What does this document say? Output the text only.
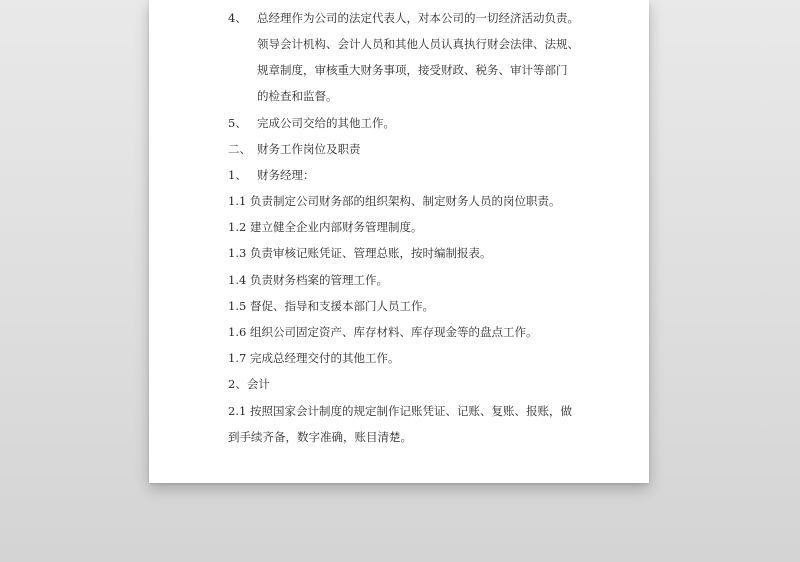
4、 总经理作为公司的法定代表人，对本公司的一切经济活动负责。
领导会计机构、会计人员和其他人员认真执行财会法律、法规、
规章制度，审核重大财务事项，接受财政、税务、审计等部门
的检查和监督。
5、 完成公司交给的其他工作。
二、 财务工作岗位及职责
1、 财务经理：
1.1 负责制定公司财务部的组织架构、制定财务人员的岗位职责。
1.2 建立健全企业内部财务管理制度。
1.3 负责审核记账凭证、管理总账，按时编制报表。
1.4 负责财务档案的管理工作。
1.5 督促、指导和支援本部门人员工作。
1.6 组织公司固定资产、库存材料、库存现金等的盘点工作。
1.7 完成总经理交付的其他工作。
2、会计
2.1 按照国家会计制度的规定制作记账凭证、记账、复账、报账，做
到手续齐备，数字准确，账目清楚。
